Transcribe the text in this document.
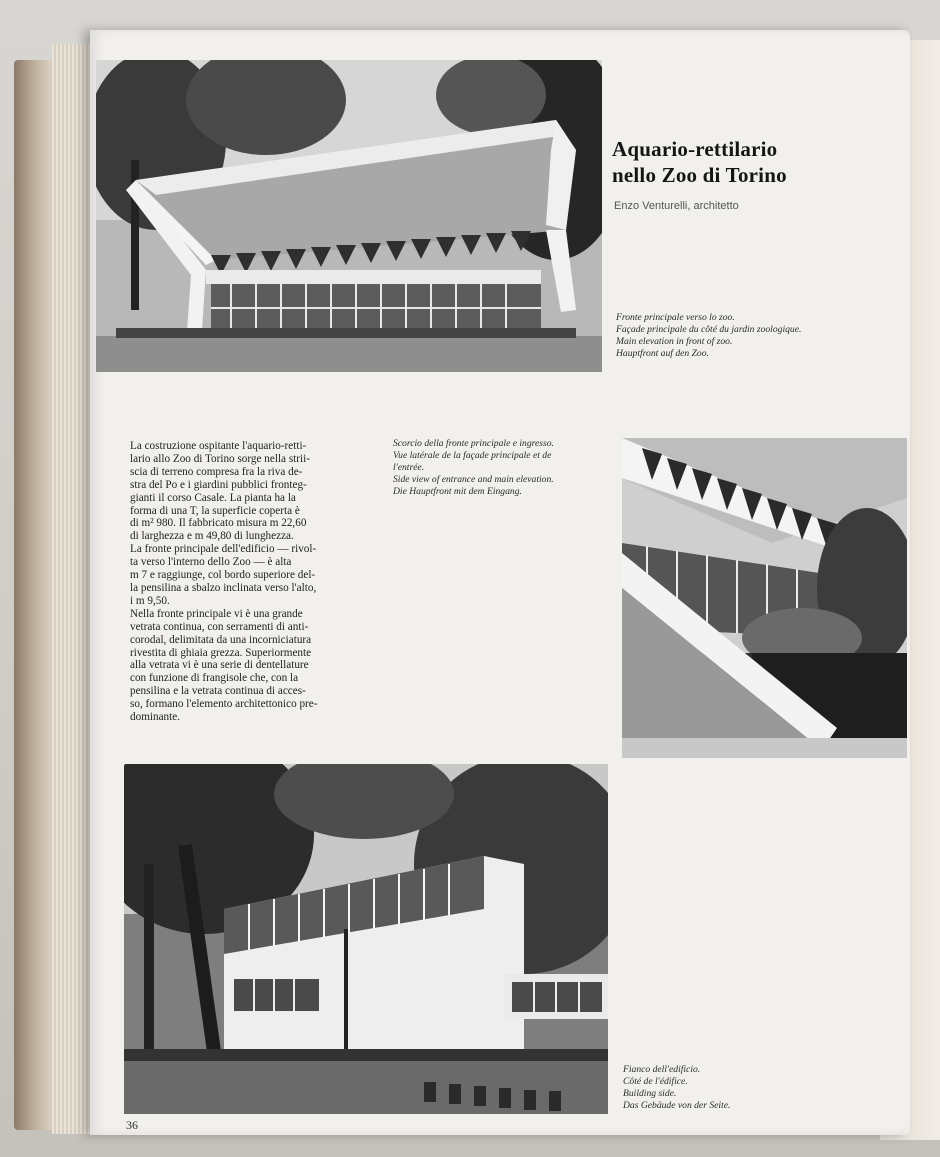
Aquario-rettilario
nello Zoo di Torino
Enzo Venturelli, architetto
Fronte principale verso lo zoo.
Façade principale du côté du jardin zoologique.
Main elevation in front of zoo.
Hauptfront auf den Zoo.

La costruzione ospitante l'aquario-retti-

lario allo Zoo di Torino sorge nella strii-

scia di terreno compresa fra la riva de-

stra del Po e i giardini pubblici fronteg-

gianti il corso Casale. La pianta ha la

forma di una T, la superficie coperta è

di m² 980. Il fabbricato misura m 22,60

di larghezza e m 49,80 di lunghezza.

La fronte principale dell'edificio — rivol-

ta verso l'interno dello Zoo — è alta

m 7 e raggiunge, col bordo superiore del-

la pensilina a sbalzo inclinata verso l'alto,

i m 9,50.

Nella fronte principale vi è una grande

vetrata continua, con serramenti di anti-

corodal, delimitata da una incorniciatura

rivestita di ghiaia grezza. Superiormente

alla vetrata vi è una serie di dentellature

con funzione di frangisole che, con la

pensilina e la vetrata continua di acces-

so, formano l'elemento architettonico pre-

dominante.

Scorcio della fronte principale e ingresso.
Vue latérale de la façade principale et de
l'entrée.
Side view of entrance and main elevation.
Die Hauptfront mit dem Eingang.
Fianco dell'edificio.
Côté de l'édifice.
Building side.
Das Gebäude von der Seite.
36
